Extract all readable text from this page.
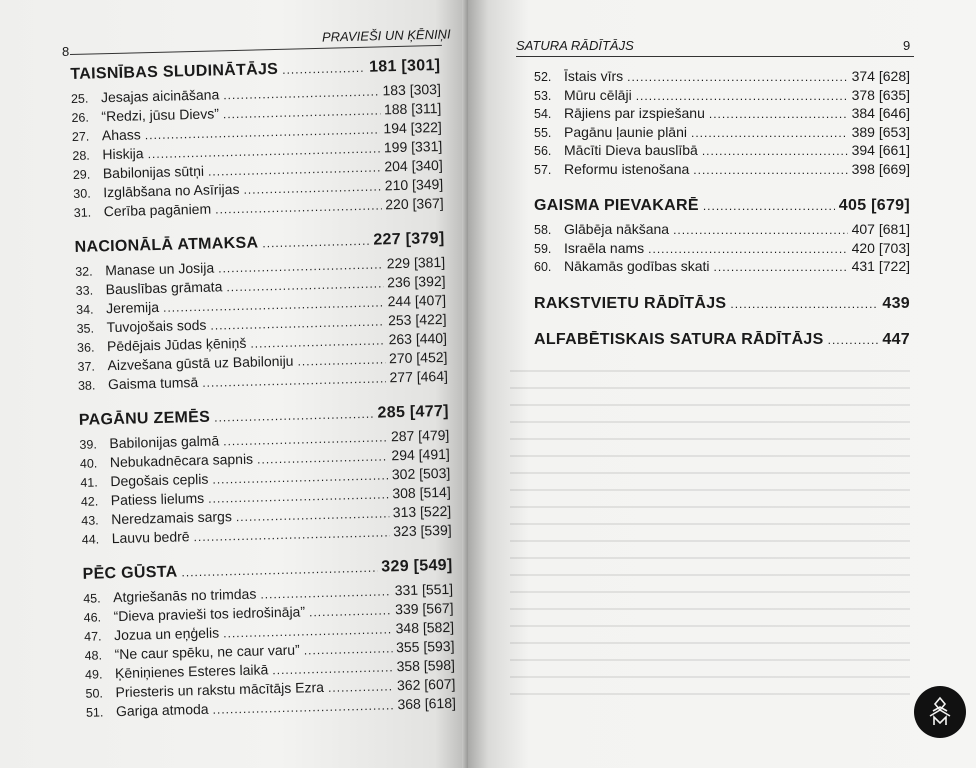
8
PRAVIEŠI UN ĶĒNIŅI
TAISNĪBAS SLUDINĀTĀJS .....	181 [301]
25. Jesajas aicināšana .....	183 [303]
26. “Redzi, jūsu Dievs” .....	188 [311]
27. Ahass .....	194 [322]
28. Hiskija .....	199 [331]
29. Babilonijas sūtņi .....	204 [340]
30. Izglābšana no Asīrijas .....	210 [349]
31. Cerība pagāniem .....	220 [367]
NACIONĀLĀ ATMAKSA .....	227 [379]
32. Manase un Josija .....	229 [381]
33. Bauslības grāmata .....	236 [392]
34. Jeremija .....	244 [407]
35. Tuvojošais sods .....	253 [422]
36. Pēdējais Jūdas ķēniņš .....	263 [440]
37. Aizvešana gūstā uz Babiloniju .....	270 [452]
38. Gaisma tumsā .....	277 [464]
PAGĀNU ZEMĒS .....	285 [477]
39. Babilonijas galmā .....	287 [479]
40. Nebukadnēcara sapnis .....	294 [491]
41. Degošais ceplis .....	302 [503]
42. Patiess lielums .....	308 [514]
43. Neredzamais sargs .....	313 [522]
44. Lauvu bedrē .....	323 [539]
PĒC GŪSTA .....	329 [549]
45. Atgriešanās no trimdas .....	331 [551]
46. “Dieva pravieši tos iedrošināja” .....	339 [567]
47. Jozua un eņģelis .....	348 [582]
48. “Ne caur spēku, ne caur varu” .....	355 [593]
49. Ķēniņienes Esteres laikā .....	358 [598]
50. Priesteris un rakstu mācītājs Ezra .....	362 [607]
51. Gariga atmoda .....	368 [618]
SATURA RĀDĪTĀJS	9
52. Īstais vīrs .....	374 [628]
53. Mūru cēlāji .....	378 [635]
54. Rājiens par izspiešanu .....	384 [646]
55. Pagānu ļaunie plāni .....	389 [653]
56. Mācīti Dieva bauslībā .....	394 [661]
57. Reformu istenošana .....	398 [669]
GAISMA PIEVAKARĒ .....	405 [679]
58. Glābēja nākšana .....	407 [681]
59. Israēla nams .....	420 [703]
60. Nākamās godības skati .....	431 [722]
RAKSTVIETU RĀDĪTĀJS .....	439
ALFABĒTISKAIS SATURA RĀDĪTĀJS .....	447
